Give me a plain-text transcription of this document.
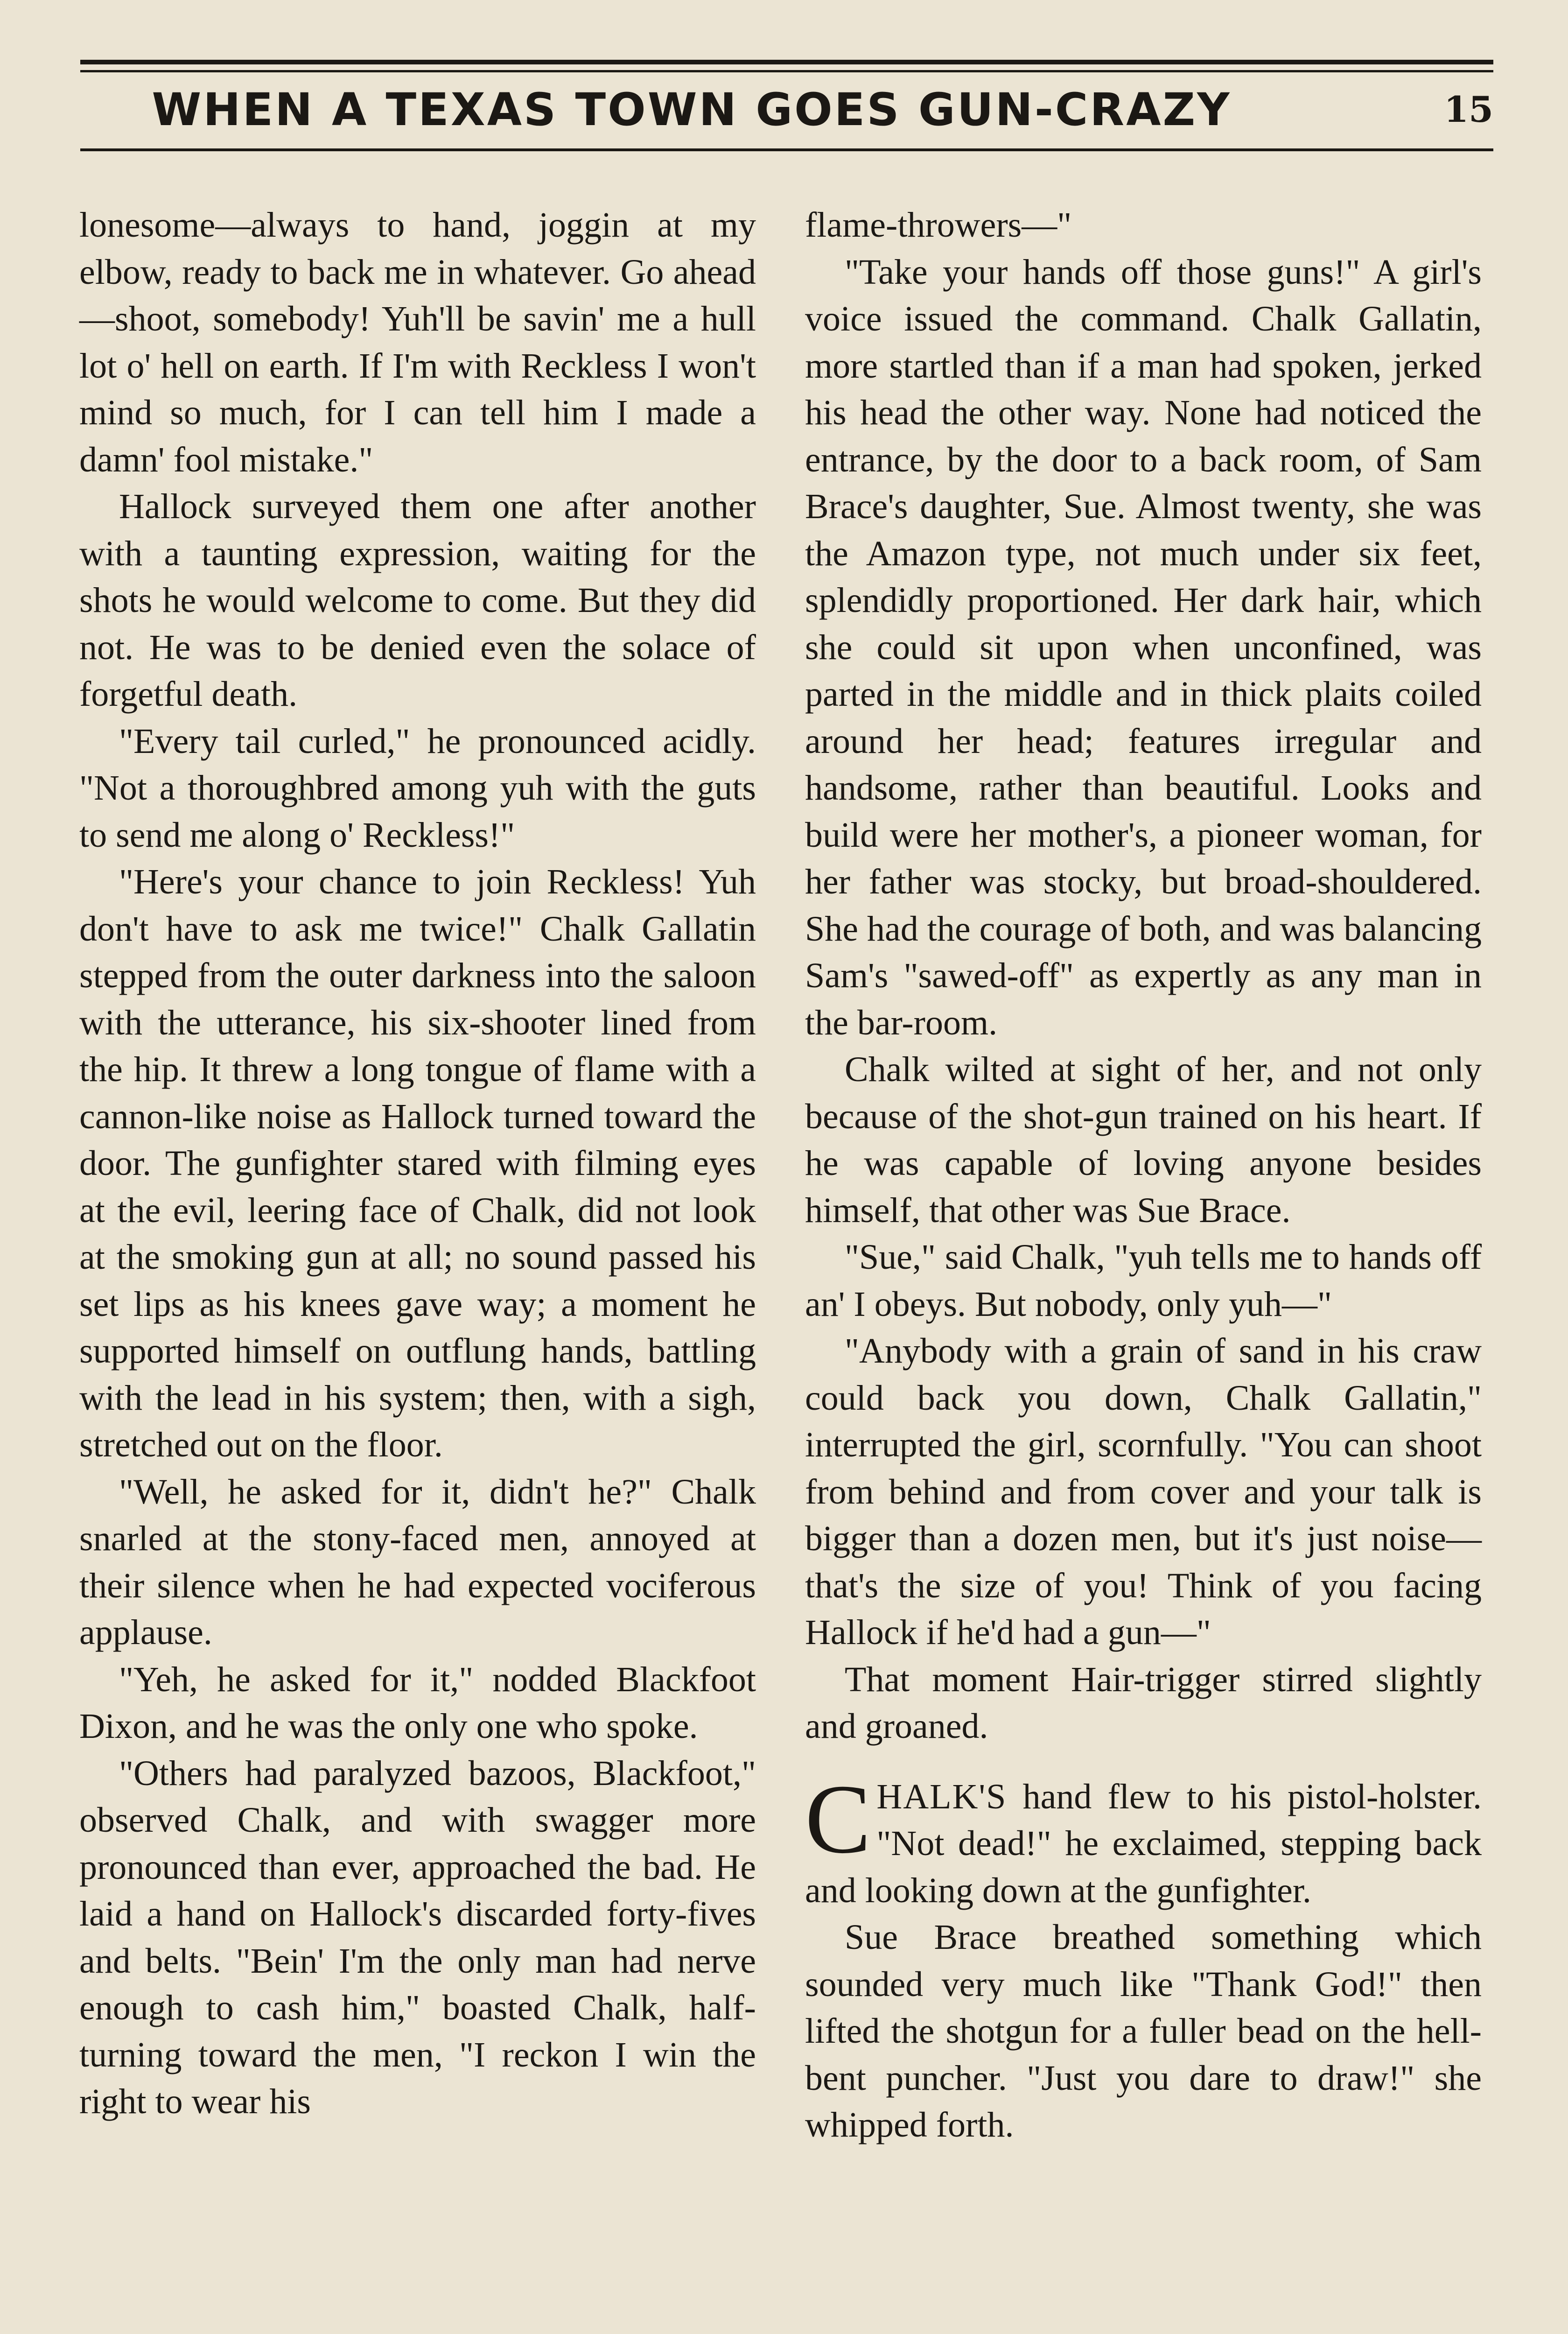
WHEN A TEXAS TOWN GOES GUN-CRAZY	15

lonesome—always to hand, joggin at my elbow, ready to back me in whatever. Go ahead—shoot, somebody! Yuh'll be savin' me a hull lot o' hell on earth. If I'm with Reckless I won't mind so much, for I can tell him I made a damn' fool mistake."

Hallock surveyed them one after another with a taunting expression, waiting for the shots he would welcome to come. But they did not. He was to be denied even the solace of forgetful death.

"Every tail curled," he pronounced acidly. "Not a thoroughbred among yuh with the guts to send me along o' Reckless!"

"Here's your chance to join Reckless! Yuh don't have to ask me twice!" Chalk Gallatin stepped from the outer darkness into the saloon with the utterance, his six-shooter lined from the hip. It threw a long tongue of flame with a cannon-like noise as Hallock turned toward the door. The gunfighter stared with filming eyes at the evil, leering face of Chalk, did not look at the smoking gun at all; no sound passed his set lips as his knees gave way; a moment he supported himself on outflung hands, battling with the lead in his system; then, with a sigh, stretched out on the floor.

"Well, he asked for it, didn't he?" Chalk snarled at the stony-faced men, annoyed at their silence when he had expected vociferous applause.

"Yeh, he asked for it," nodded Blackfoot Dixon, and he was the only one who spoke.

"Others had paralyzed bazoos, Blackfoot," observed Chalk, and with swagger more pronounced than ever, approached the bad. He laid a hand on Hallock's discarded forty-fives and belts. "Bein' I'm the only man had nerve enough to cash him," boasted Chalk, half-turning toward the men, "I reckon I win the right to wear his

flame-throwers—"

"Take your hands off those guns!" A girl's voice issued the command. Chalk Gallatin, more startled than if a man had spoken, jerked his head the other way. None had noticed the entrance, by the door to a back room, of Sam Brace's daughter, Sue. Almost twenty, she was the Amazon type, not much under six feet, splendidly proportioned. Her dark hair, which she could sit upon when unconfined, was parted in the middle and in thick plaits coiled around her head; features irregular and handsome, rather than beautiful. Looks and build were her mother's, a pioneer woman, for her father was stocky, but broad-shouldered. She had the courage of both, and was balancing Sam's "sawed-off" as expertly as any man in the bar-room.

Chalk wilted at sight of her, and not only because of the shot-gun trained on his heart. If he was capable of loving anyone besides himself, that other was Sue Brace.

"Sue," said Chalk, "yuh tells me to hands off an' I obeys. But nobody, only yuh—"

"Anybody with a grain of sand in his craw could back you down, Chalk Gallatin," interrupted the girl, scornfully. "You can shoot from behind and from cover and your talk is bigger than a dozen men, but it's just noise—that's the size of you! Think of you facing Hallock if he'd had a gun—"

That moment Hair-trigger stirred slightly and groaned.

CHALK'S hand flew to his pistol-holster. "Not dead!" he exclaimed, stepping back and looking down at the gunfighter.

Sue Brace breathed something which sounded very much like "Thank God!" then lifted the shotgun for a fuller bead on the hell-bent puncher. "Just you dare to draw!" she whipped forth.
